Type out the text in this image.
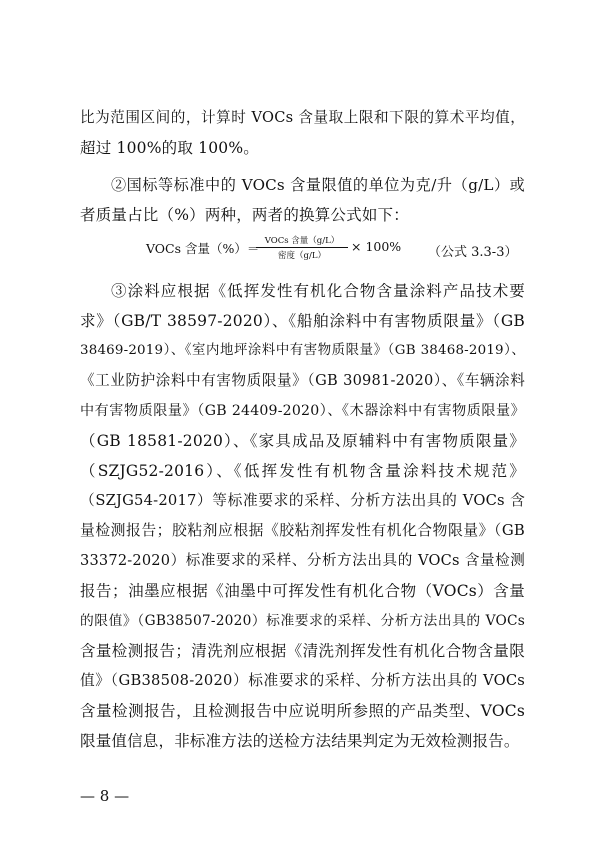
比为范围区间的，计算时 VOCs 含量取上限和下限的算术平均值，
超过 100%的取 100%。

②国标等标准中的 VOCs 含量限值的单位为克/升（g/L）或
者质量占比（%）两种，两者的换算公式如下：

VOCs 含量（%）＝ VOCs 含量（g/L）
密度（g/L）
× 100% （公式 3.3-3）

③涂料应根据《低挥发性有机化合物含量涂料产品技术要
求》（GB/T 38597-2020）、《船舶涂料中有害物质限量》（GB
38469-2019）、《室内地坪涂料中有害物质限量》（GB 38468-2019）、
《工业防护涂料中有害物质限量》（GB 30981-2020）、《车辆涂料
中有害物质限量》（GB 24409-2020）、《木器涂料中有害物质限量》
（GB 18581-2020）、《家具成品及原辅料中有害物质限量》
（SZJG52-2016）、《低挥发性有机物含量涂料技术规范》
（SZJG54-2017）等标准要求的采样、分析方法出具的 VOCs 含
量检测报告；胶粘剂应根据《胶粘剂挥发性有机化合物限量》（GB
33372-2020）标准要求的采样、分析方法出具的 VOCs 含量检测
报告；油墨应根据《油墨中可挥发性有机化合物（VOCs）含量
的限值》（GB38507-2020）标准要求的采样、分析方法出具的 VOCs
含量检测报告；清洗剂应根据《清洗剂挥发性有机化合物含量限
值》（GB38508-2020）标准要求的采样、分析方法出具的 VOCs
含量检测报告，且检测报告中应说明所参照的产品类型、VOCs
限量值信息，非标准方法的送检方法结果判定为无效检测报告。

— 8 —
